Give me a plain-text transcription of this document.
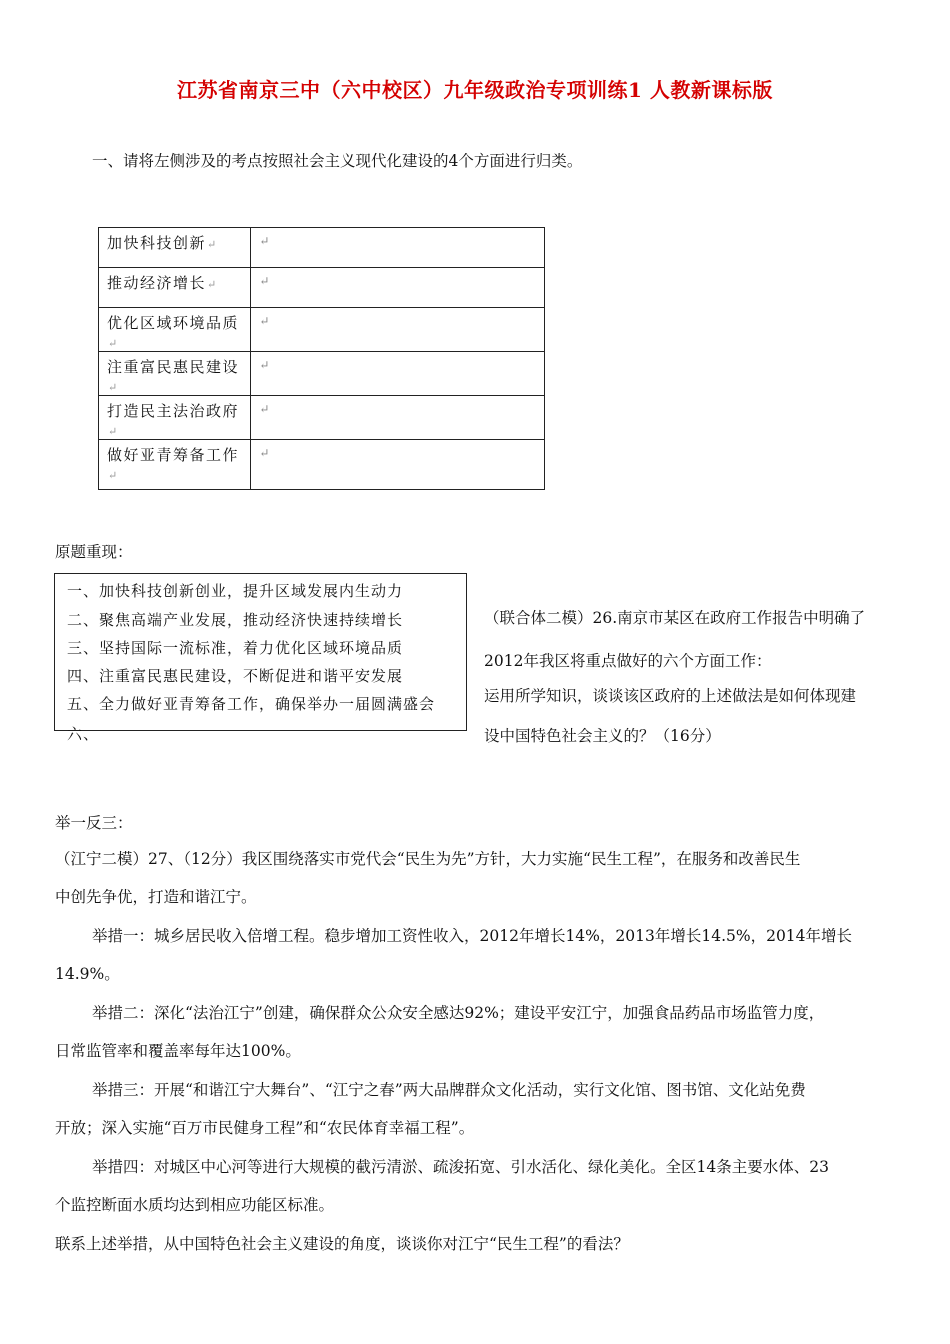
江苏省南京三中（六中校区）九年级政治专项训练1 人教新课标版
一、请将左侧涉及的考点按照社会主义现代化建设的4个方面进行归类。
加快科技创新↵	↵
推动经济增长↵	↵
优化区域环境品质↵	↵
注重富民惠民建设↵	↵
打造民主法治政府↵	↵
做好亚青筹备工作↵	↵
原题重现：
一、加快科技创新创业，提升区域发展内生动力
二、聚焦高端产业发展，推动经济快速持续增长
三、坚持国际一流标准，着力优化区域环境品质
四、注重富民惠民建设，不断促进和谐平安发展
五、全力做好亚青筹备工作，确保举办一届圆满盛会
六、
（联合体二模）26.南京市某区在政府工作报告中明确了
2012年我区将重点做好的六个方面工作：
运用所学知识，谈谈该区政府的上述做法是如何体现建
设中国特色社会主义的？（16分）
举一反三：
（江宁二模）27、（12分）我区围绕落实市党代会“民生为先”方针，大力实施“民生工程”，在服务和改善民生
中创先争优，打造和谐江宁。
举措一：城乡居民收入倍增工程。稳步增加工资性收入，2012年增长14%，2013年增长14.5%，2014年增长
14.9%。
举措二：深化“法治江宁”创建，确保群众公众安全感达92%；建设平安江宁，加强食品药品市场监管力度，
日常监管率和覆盖率每年达100%。
举措三：开展“和谐江宁大舞台”、“江宁之春”两大品牌群众文化活动，实行文化馆、图书馆、文化站免费
开放；深入实施“百万市民健身工程”和“农民体育幸福工程”。
举措四：对城区中心河等进行大规模的截污清淤、疏浚拓宽、引水活化、绿化美化。全区14条主要水体、23
个监控断面水质均达到相应功能区标准。
联系上述举措，从中国特色社会主义建设的角度，谈谈你对江宁“民生工程”的看法？
